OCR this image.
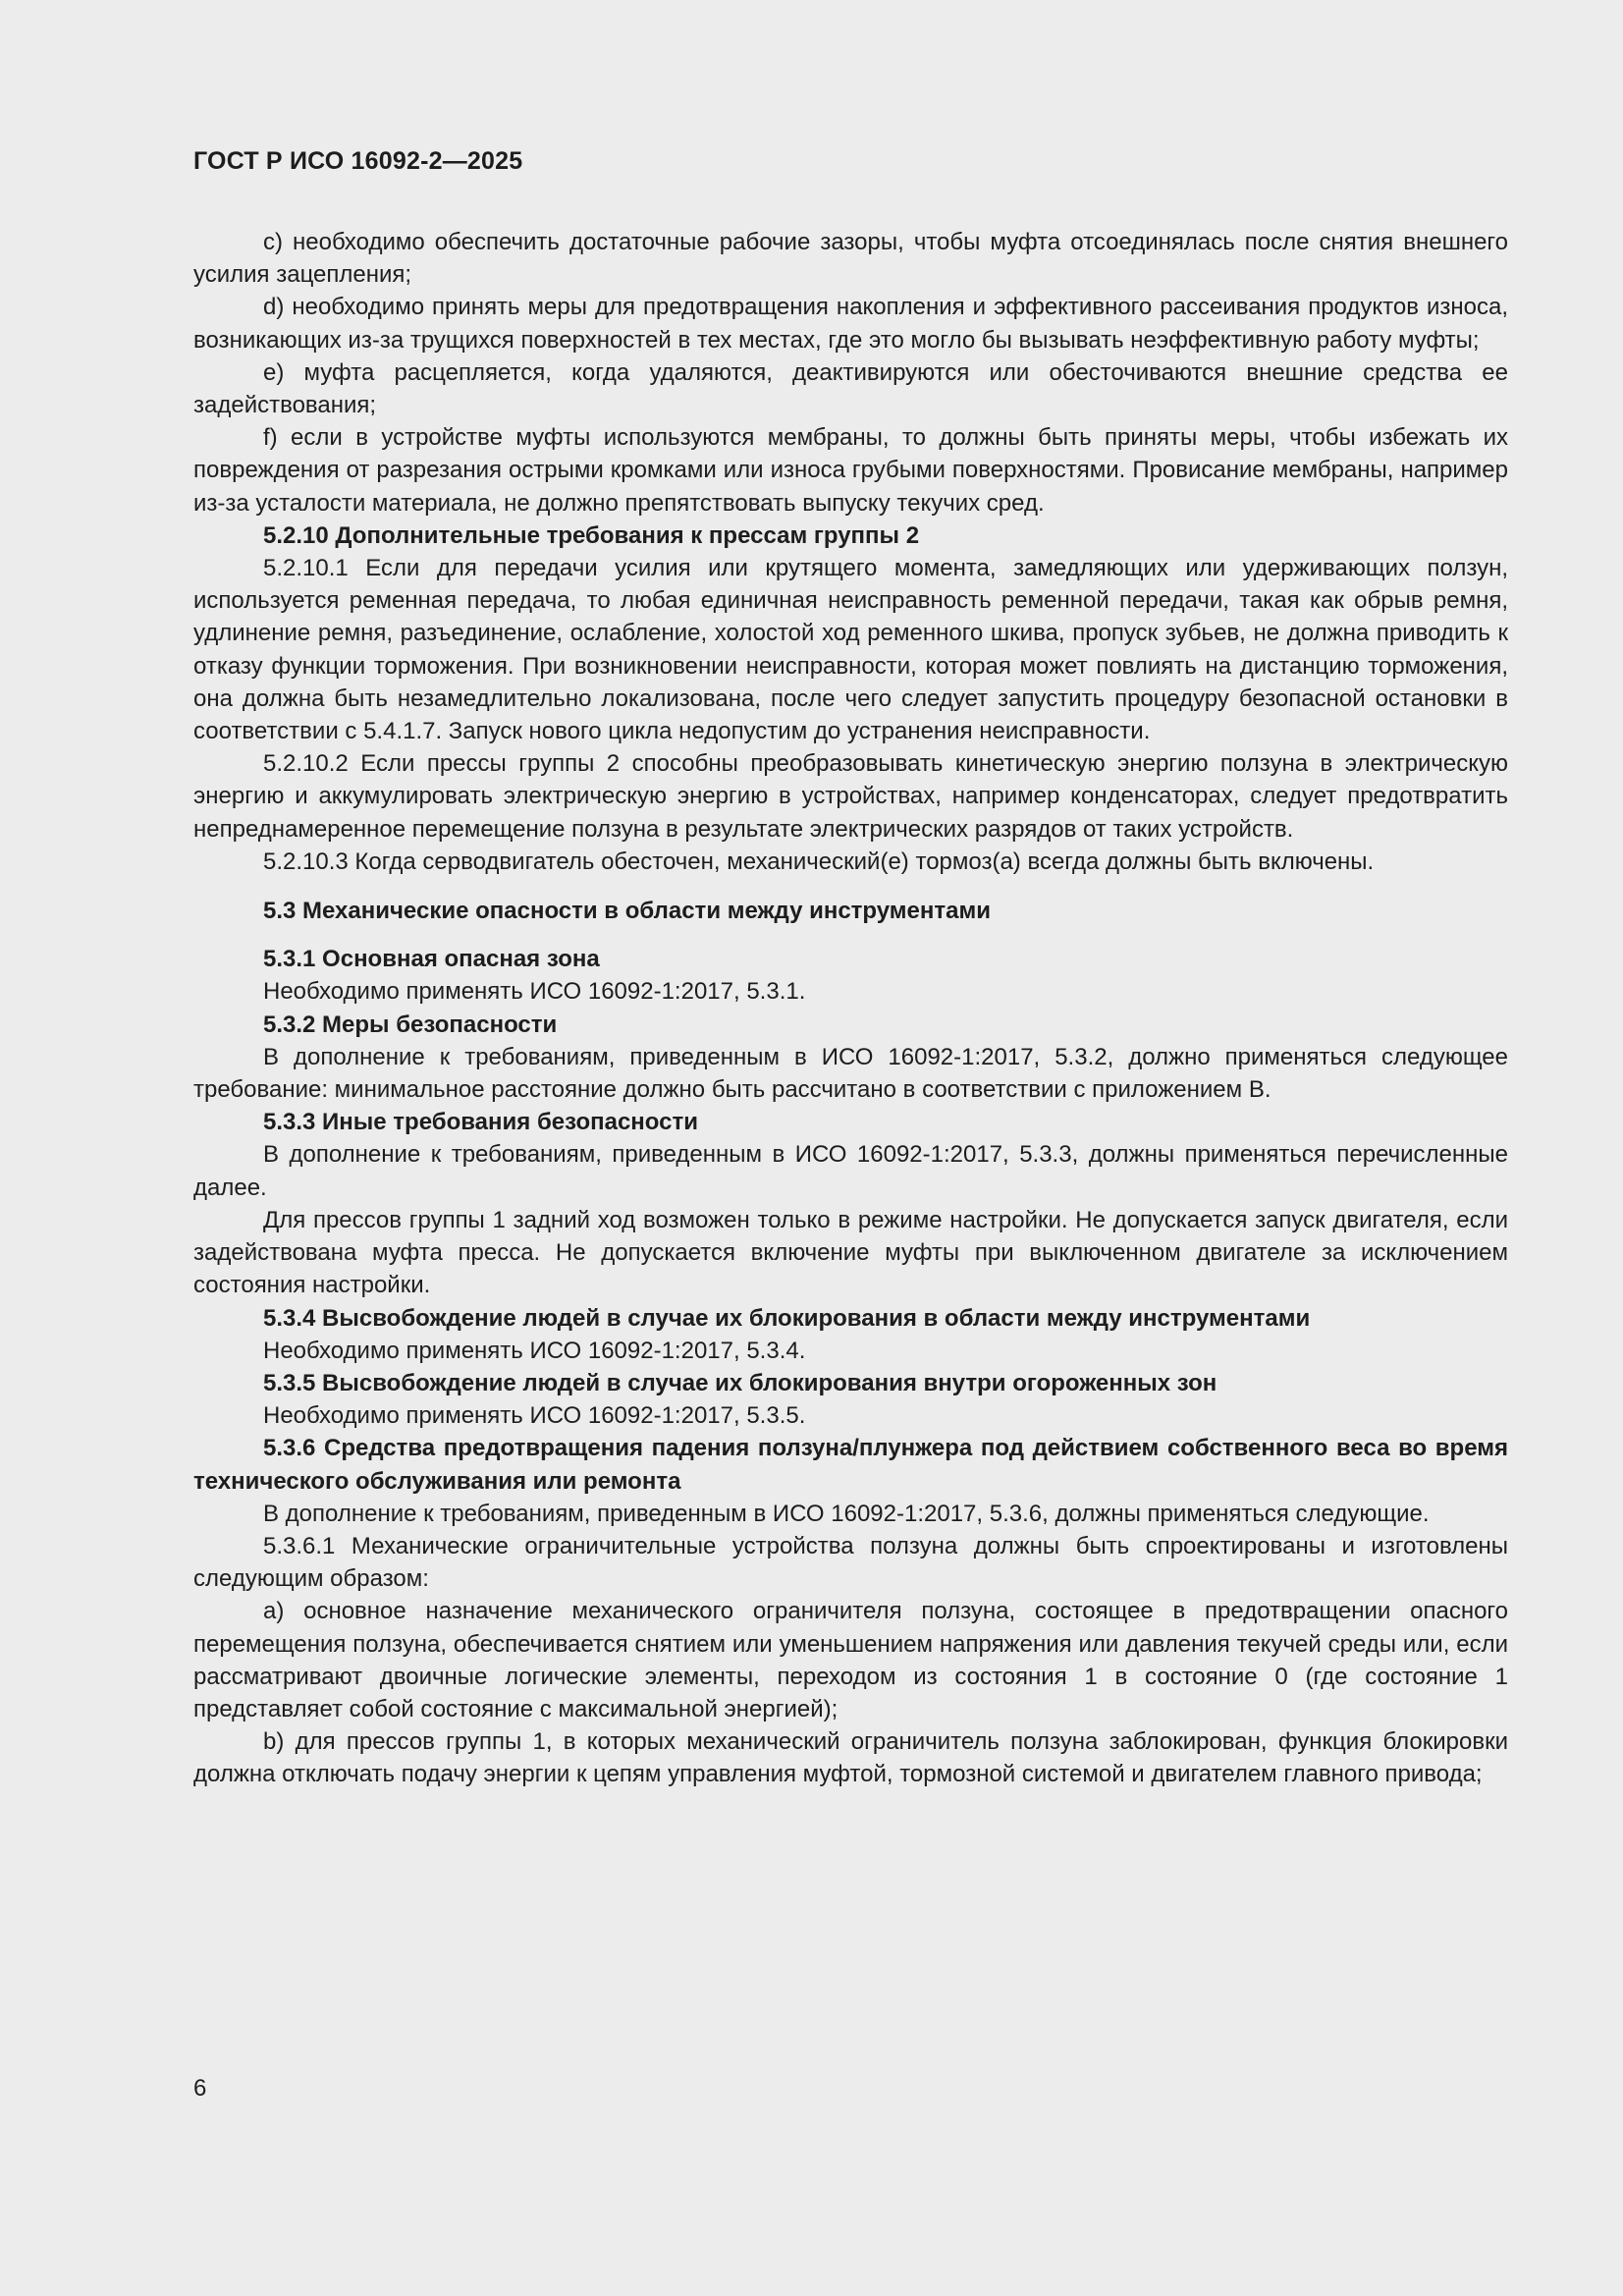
ГОСТ Р ИСО 16092-2—2025

c) необходимо обеспечить достаточные рабочие зазоры, чтобы муфта отсоединялась после снятия внешнего усилия зацепления;

d) необходимо принять меры для предотвращения накопления и эффективного рассеивания продуктов износа, возникающих из-за трущихся поверхностей в тех местах, где это могло бы вызывать неэффективную работу муфты;

e) муфта расцепляется, когда удаляются, деактивируются или обесточиваются внешние средства ее задействования;

f) если в устройстве муфты используются мембраны, то должны быть приняты меры, чтобы избежать их повреждения от разрезания острыми кромками или износа грубыми поверхностями. Провисание мембраны, например из-за усталости материала, не должно препятствовать выпуску текучих сред.

5.2.10 Дополнительные требования к прессам группы 2

5.2.10.1 Если для передачи усилия или крутящего момента, замедляющих или удерживающих ползун, используется ременная передача, то любая единичная неисправность ременной передачи, такая как обрыв ремня, удлинение ремня, разъединение, ослабление, холостой ход ременного шкива, пропуск зубьев, не должна приводить к отказу функции торможения. При возникновении неисправности, которая может повлиять на дистанцию торможения, она должна быть незамедлительно локализована, после чего следует запустить процедуру безопасной остановки в соответствии с 5.4.1.7. Запуск нового цикла недопустим до устранения неисправности.

5.2.10.2 Если прессы группы 2 способны преобразовывать кинетическую энергию ползуна в электрическую энергию и аккумулировать электрическую энергию в устройствах, например конденсаторах, следует предотвратить непреднамеренное перемещение ползуна в результате электрических разрядов от таких устройств.

5.2.10.3 Когда серводвигатель обесточен, механический(е) тормоз(а) всегда должны быть включены.

5.3 Механические опасности в области между инструментами

5.3.1 Основная опасная зона

Необходимо применять ИСО 16092-1:2017, 5.3.1.

5.3.2 Меры безопасности

В дополнение к требованиям, приведенным в ИСО 16092-1:2017, 5.3.2, должно применяться следующее требование: минимальное расстояние должно быть рассчитано в соответствии с приложением B.

5.3.3 Иные требования безопасности

В дополнение к требованиям, приведенным в ИСО 16092-1:2017, 5.3.3, должны применяться перечисленные далее.

Для прессов группы 1 задний ход возможен только в режиме настройки. Не допускается запуск двигателя, если задействована муфта пресса. Не допускается включение муфты при выключенном двигателе за исключением состояния настройки.

5.3.4 Высвобождение людей в случае их блокирования в области между инструментами

Необходимо применять ИСО 16092-1:2017, 5.3.4.

5.3.5 Высвобождение людей в случае их блокирования внутри огороженных зон

Необходимо применять ИСО 16092-1:2017, 5.3.5.

5.3.6 Средства предотвращения падения ползуна/плунжера под действием собственного веса во время технического обслуживания или ремонта

В дополнение к требованиям, приведенным в ИСО 16092-1:2017, 5.3.6, должны применяться следующие.

5.3.6.1 Механические ограничительные устройства ползуна должны быть спроектированы и изготовлены следующим образом:

a) основное назначение механического ограничителя ползуна, состоящее в предотвращении опасного перемещения ползуна, обеспечивается снятием или уменьшением напряжения или давления текучей среды или, если рассматривают двоичные логические элементы, переходом из состояния 1 в состояние 0 (где состояние 1 представляет собой состояние с максимальной энергией);

b) для прессов группы 1, в которых механический ограничитель ползуна заблокирован, функция блокировки должна отключать подачу энергии к цепям управления муфтой, тормозной системой и двигателем главного привода;

6
